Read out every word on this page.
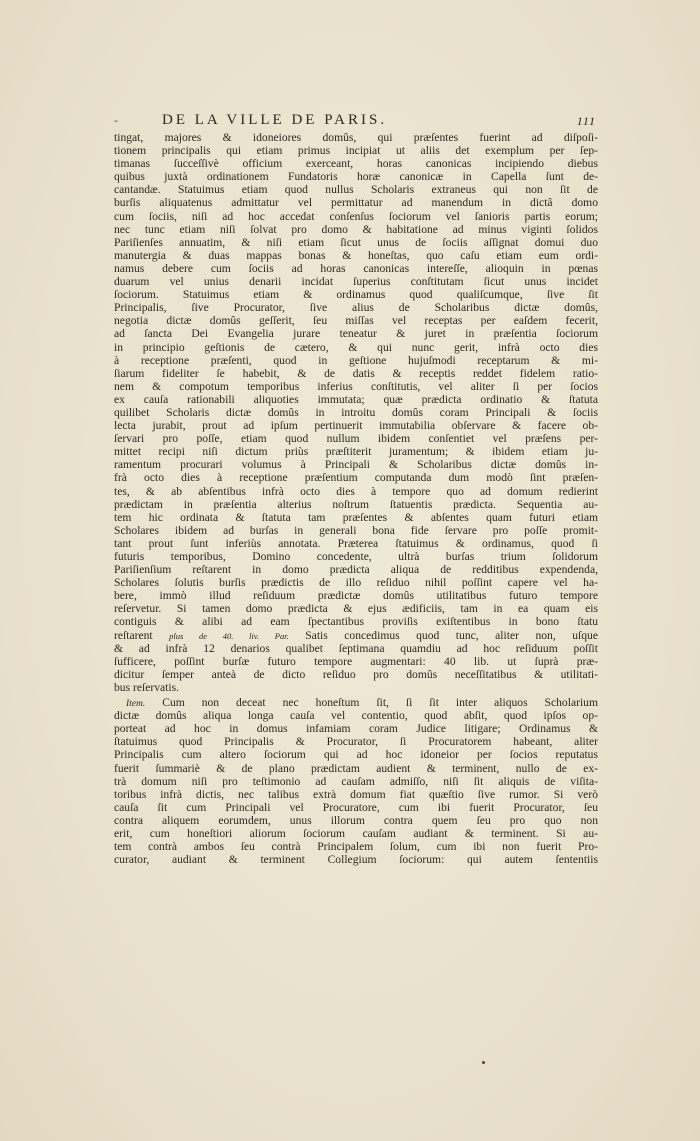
-	DE LA VILLE DE PARIS.	111
tingat, majores & idoneiores domûs, qui præſentes fuerint ad diſpoſi-
tionem principalis qui etiam primus incipiat ut aliis det exemplum per ſep-
timanas ſucceſſivè officium exerceant, horas canonicas incipiendo diebus
quibus juxtà ordinationem Fundatoris horæ canonicæ in Capella ſunt de-
cantandæ. Statuimus etiam quod nullus Scholaris extraneus qui non ſit de
burſis aliquatenus admittatur vel permittatur ad manendum in dictâ domo
cum ſociis, niſi ad hoc accedat conſenſus ſociorum vel ſanioris partis eorum;
nec tunc etiam niſi ſolvat pro domo & habitatione ad minus viginti ſolidos
Pariſienſes annuatim, & niſi etiam ſicut unus de ſociis aſſignat domui duo
manutergia & duas mappas bonas & honeſtas, quo caſu etiam eum ordi-
namus debere cum ſociis ad horas canonicas intereſſe, alioquin in pœnas
duarum vel unius denarii incidat ſuperius conſtitutam ſicut unus incidet
ſociorum. Statuimus etiam & ordinamus quod qualiſcumque, ſive ſit
Principalis, ſive Procurator, ſive alius de Scholaribus dictæ domûs,
negotia dictæ domûs geſſerit, ſeu miſſas vel receptas per eaſdem fecerit,
ad ſancta Dei Evangelia jurare teneatur & juret in præſentia ſociorum
in principio geſtionis de cætero, & qui nunc gerit, infrà octo dies
à receptione præſenti, quod in geſtione hujuſmodi receptarum & mi-
ſiarum fideliter ſe habebit, & de datis & receptis reddet fidelem ratio-
nem & compotum temporibus inferius conſtitutis, vel aliter ſi per ſocios
ex cauſa rationabili aliquoties immutata; quæ prædicta ordinatio & ſtatuta
quilibet Scholaris dictæ domûs in introitu domûs coram Principali & ſociis
lecta jurabit, prout ad ipſum pertinuerit immutabilia obſervare & facere ob-
ſervari pro poſſe, etiam quod nullum ibidem conſentiet vel præſens per-
mittet recipi niſi dictum priùs præſtiterit juramentum; & ibidem etiam ju-
ramentum procurari volumus à Principali & Scholaribus dictæ domûs in-
frà octo dies à receptione præſentium computanda dum modò ſint præſen-
tes, & ab abſentibus infrà octo dies à tempore quo ad domum redierint
prædictam in præſentia alterius noſtrum ſtatuentis prædicta. Sequentia au-
tem hic ordinata & ſtatuta tam præſentes & abſentes quam futuri etiam
Scholares ibidem ad burſas in generali bona fide ſervare pro poſſe promit-
tant prout ſunt inferiùs annotata. Præterea ſtatuimus & ordinamus, quod ſi
futuris temporibus, Domino concedente, ultrà burſas trium ſolidorum
Pariſienſium reſtarent in domo prædicta aliqua de redditibus expendenda,
Scholares ſolutis burſis prædictis de illo reſiduo nihil poſſint capere vel ha-
bere, immò illud reſiduum prædictæ domûs utilitatibus futuro tempore
reſervetur. Si tamen domo prædicta & ejus ædificiis, tam in ea quam eis
contiguis & alibi ad eam ſpectantibus proviſis exiſtentibus in bono ſtatu
reſtarent plus de 40. liv. Par. Satis concedimus quod tunc, aliter non, uſque
& ad infrà 12 denarios qualibet ſeptimana quamdiu ad hoc reſiduum poſſit
ſufficere, poſſint burſæ futuro tempore augmentari: 40 lib. ut ſuprà præ-
dicitur ſemper anteà de dicto reſiduo pro domûs neceſſitatibus & utilitati-
bus reſervatis.
Item. Cum non deceat nec honeſtum ſit, ſi ſit inter aliquos Scholarium
dictæ domûs aliqua longa cauſa vel contentio, quod abſit, quod ipſos op-
porteat ad hoc in domus infamiam coram Judice litigare; Ordinamus &
ſtatuimus quod Principalis & Procurator, ſi Procuratorem habeant, aliter
Principalis cum altero ſociorum qui ad hoc idoneior per ſocios reputatus
fuerit ſummariè & de plano prædictam audient & terminent, nullo de ex-
trà domum niſi pro teſtimonio ad cauſam admiſſo, niſi ſit aliquis de viſita-
toribus infrà dictis, nec talibus extrà domum fiat quæſtio ſive rumor. Si verò
cauſa ſit cum Principali vel Procuratore, cum ibi fuerit Procurator, ſeu
contra aliquem eorumdem, unus illorum contra quem ſeu pro quo non
erit, cum honeſtiori aliorum ſociorum cauſam audiant & terminent. Si au-
tem contrà ambos ſeu contrà Principalem ſolum, cum ibi non fuerit Pro-
curator, audiant & terminent Collegium ſociorum: qui autem ſententiis
